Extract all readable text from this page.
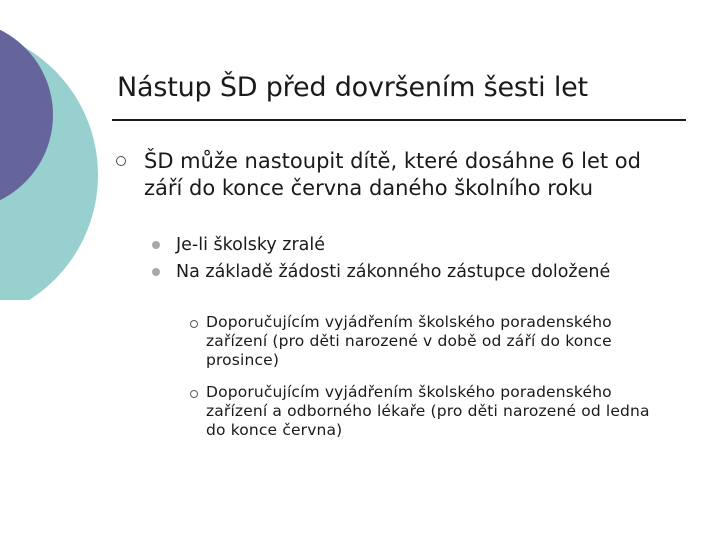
Nástup ŠD před dovršením šesti let
ŠD může nastoupit dítě, které dosáhne 6 let od září do konce června daného školního roku
Je-li školsky zralé
Na základě žádosti zákonného zástupce doložené
Doporučujícím vyjádřením školského poradenského zařízení (pro děti narozené v době od září do konce prosince)
Doporučujícím vyjádřením školského poradenského zařízení a odborného lékaře (pro děti narozené od ledna do konce června)
